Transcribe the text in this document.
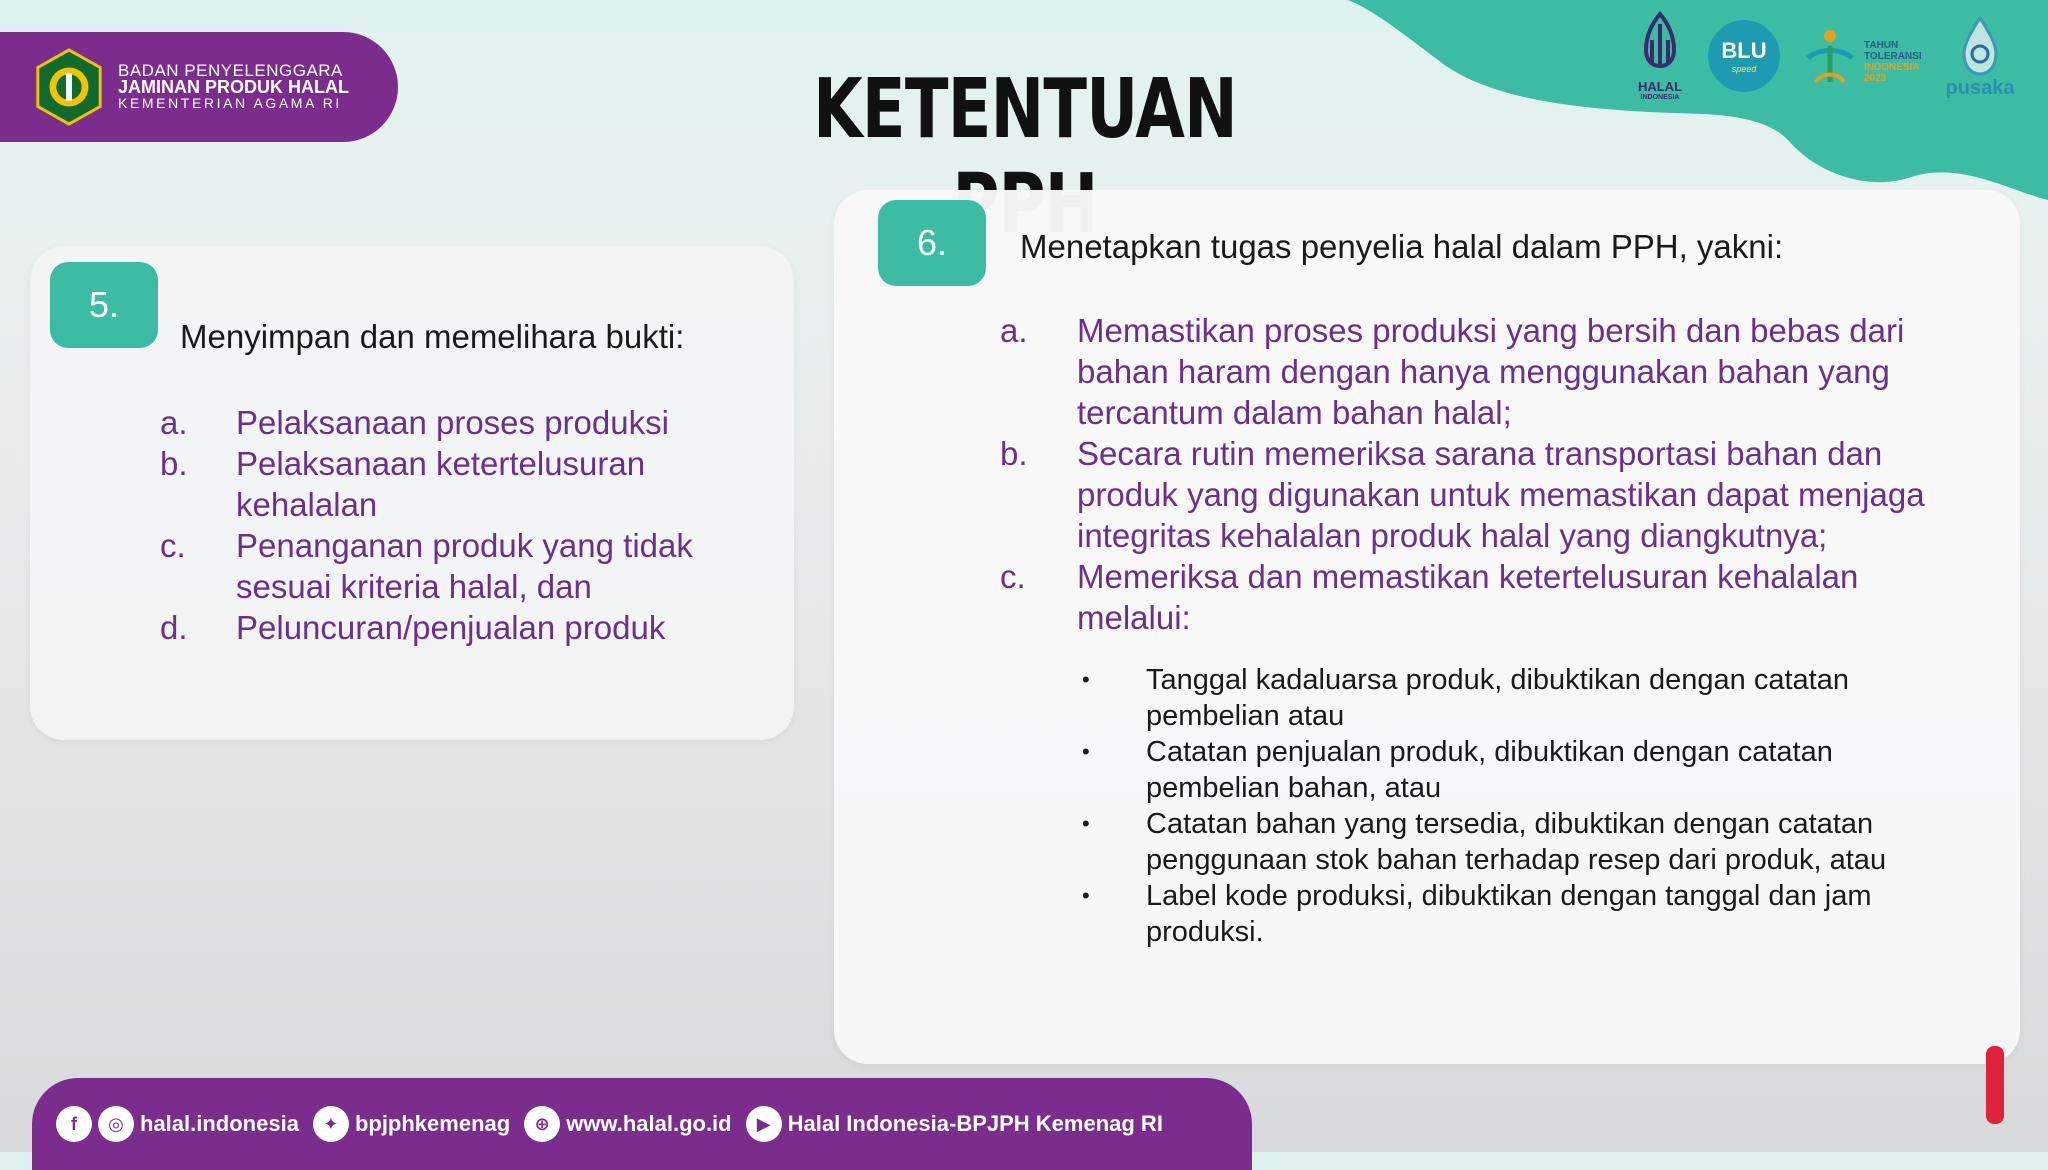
BADAN PENYELENGGARA
JAMINAN PRODUK HALAL
KEMENTERIAN AGAMA RI	KETENTUAN	HALAL
INDONESIA
BLU
speed
TAHUN
TOLERANSI
INDONESIA
2023	pusaka
5.
Menyimpan dan memelihara bukti:
a.	Pelaksanaan proses produksi
b.	Pelaksanaan ketertelusuran kehalalan
c.	Penanganan produk yang tidak sesuai kriteria halal, dan
d.	Peluncuran/penjualan produk
6.	Menetapkan tugas penyelia halal dalam PPH, yakni:
a.	Memastikan proses produksi yang bersih dan bebas dari bahan haram dengan hanya menggunakan bahan yang tercantum dalam bahan halal;
b.	Secara rutin memeriksa sarana transportasi bahan dan produk yang digunakan untuk memastikan dapat menjaga integritas kehalalan produk halal yang diangkutnya;
c.	Memeriksa dan memastikan ketertelusuran kehalalan melalui:
•	Tanggal kadaluarsa produk, dibuktikan dengan catatan pembelian atau
•	Catatan penjualan produk, dibuktikan dengan catatan pembelian bahan, atau
•	Catatan bahan yang tersedia, dibuktikan dengan catatan penggunaan stok bahan terhadap resep dari produk, atau
•	Label kode produksi, dibuktikan dengan tanggal dan jam produksi.
f	◎ halal.indonesia	✦ bpjphkemenag	⊕ www.halal.go.id	▶ Halal Indonesia-BPJPH Kemenag RI
